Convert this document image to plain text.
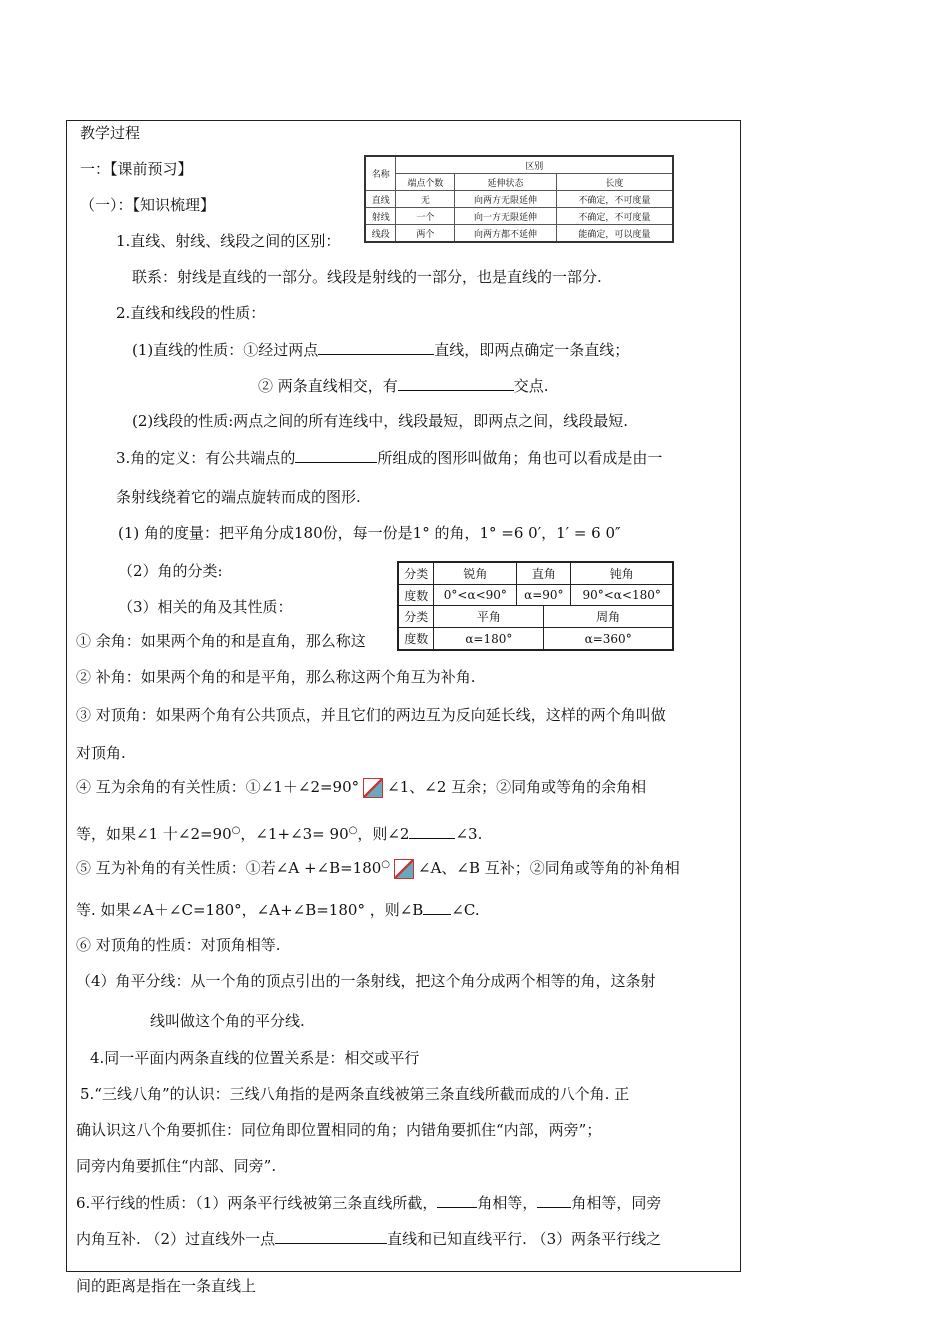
教学过程
一：【课前预习】
（一）：【知识梳理】
名称	区别		
	端点个数	延伸状态	长度
直线	无	向两方无限延伸	不确定，不可度量
射线	一个	向一方无限延伸	不确定，不可度量
线段	两个	向两方都不延伸	能确定，可以度量
1.直线、射线、线段之间的区别：
联系：射线是直线的一部分。线段是射线的一部分，也是直线的一部分.
2.直线和线段的性质：
(1)直线的性质：①经过两点	直线，即两点确定一条直线；
② 两条直线相交，有	交点.
(2)线段的性质:两点之间的所有连线中，线段最短，即两点之间，线段最短.
3.角的定义：有公共端点的	所组成的图形叫做角；角也可以看成是由一
条射线绕着它的端点旋转而成的图形.
(1) 角的度量：把平角分成180份，每一份是1° 的角，1° =6 0′，1′ = 6 0″
（2）角的分类:
（3）相关的角及其性质：
① 余角：如果两个角的和是直角，那么称这
分类	锐角	直角		钝角
度数	0°<α<90°	α=90°		90°<α<180°
分类	平角		周角	
度数	α=180°		α=360°	
② 补角：如果两个角的和是平角，那么称这两个角互为补角.
③ 对顶角：如果两个角有公共顶点，并且它们的两边互为反向延长线，这样的两个角叫做
对顶角.
④ 互为余角的有关性质：①∠1＋∠2=90° ∠1、∠2 互余；②同角或等角的余角相
等，如果∠1 十∠2=90○，∠1+∠3= 90○，则∠2	∠3.
⑤ 互为补角的有关性质：①若∠A +∠B=180○ ∠A、∠B 互补；②同角或等角的补角相
等. 如果∠A＋∠C=180°，∠A+∠B=180° ，则∠B ∠C.
⑥ 对顶角的性质：对顶角相等.
（4）角平分线：从一个角的顶点引出的一条射线，把这个角分成两个相等的角，这条射
线叫做这个角的平分线.
4.同一平面内两条直线的位置关系是：相交或平行
5.“三线八角”的认识：三线八角指的是两条直线被第三条直线所截而成的八个角. 正
确认识这八个角要抓住：同位角即位置相同的角；内错角要抓住“内部，两旁”；
同旁内角要抓住“内部、同旁”.
6.平行线的性质：（1）两条平行线被第三条直线所截，	角相等， 角相等，同旁
内角互补. （2）过直线外一点	直线和已知直线平行. （3）两条平行线之
间的距离是指在一条直线上
